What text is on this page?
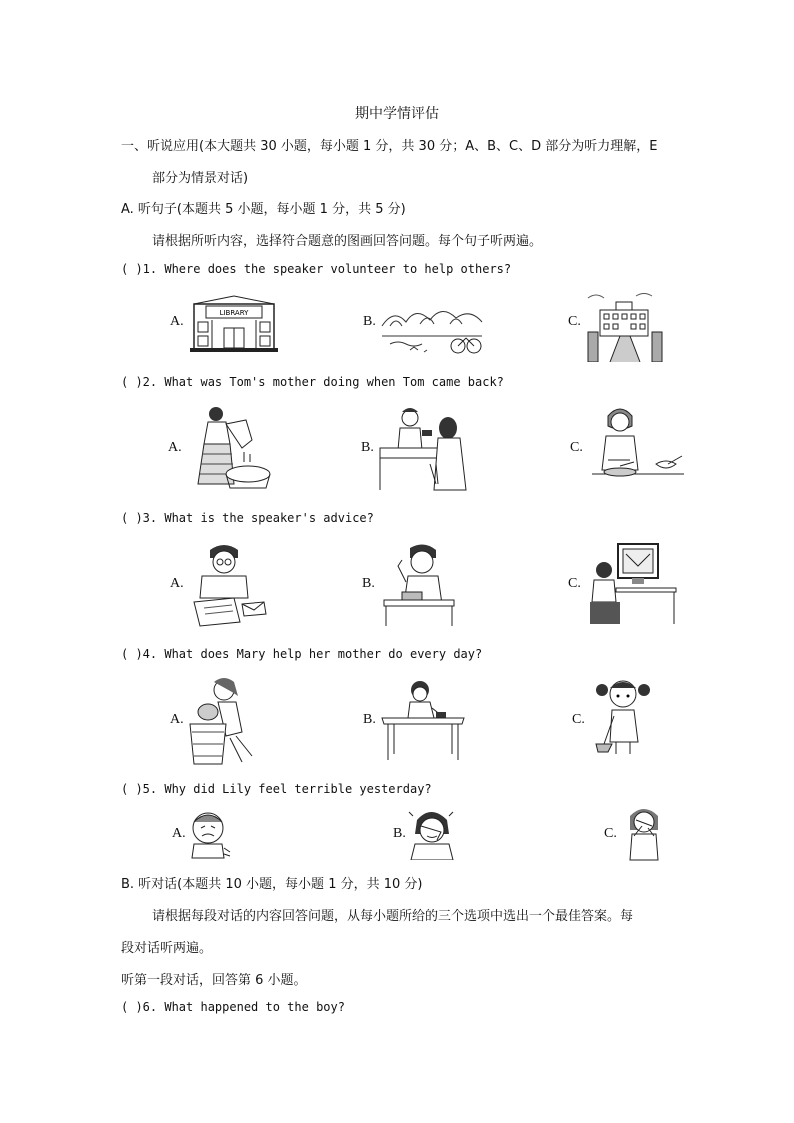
期中学情评估
一、听说应用(本大题共 30 小题，每小题 1 分，共 30 分；A、B、C、D 部分为听力理解，E
部分为情景对话)
A. 听句子(本题共 5 小题，每小题 1 分，共 5 分)
请根据所听内容，选择符合题意的图画回答问题。每个句子听两遍。
( )1. Where does the speaker volunteer to help others?
A.
LIBRARY
B.	C.
( )2. What was Tom's mother doing when Tom came back?
A.	B.	C.
( )3. What is the speaker's advice?
A.	B.	C.
( )4. What does Mary help her mother do every day?
A.	B.	C.
( )5. Why did Lily feel terrible yesterday?
A.	B.	C.
B. 听对话(本题共 10 小题，每小题 1 分，共 10 分)
请根据每段对话的内容回答问题，从每小题所给的三个选项中选出一个最佳答案。每
段对话听两遍。
听第一段对话，回答第 6 小题。
( )6. What happened to the boy?
